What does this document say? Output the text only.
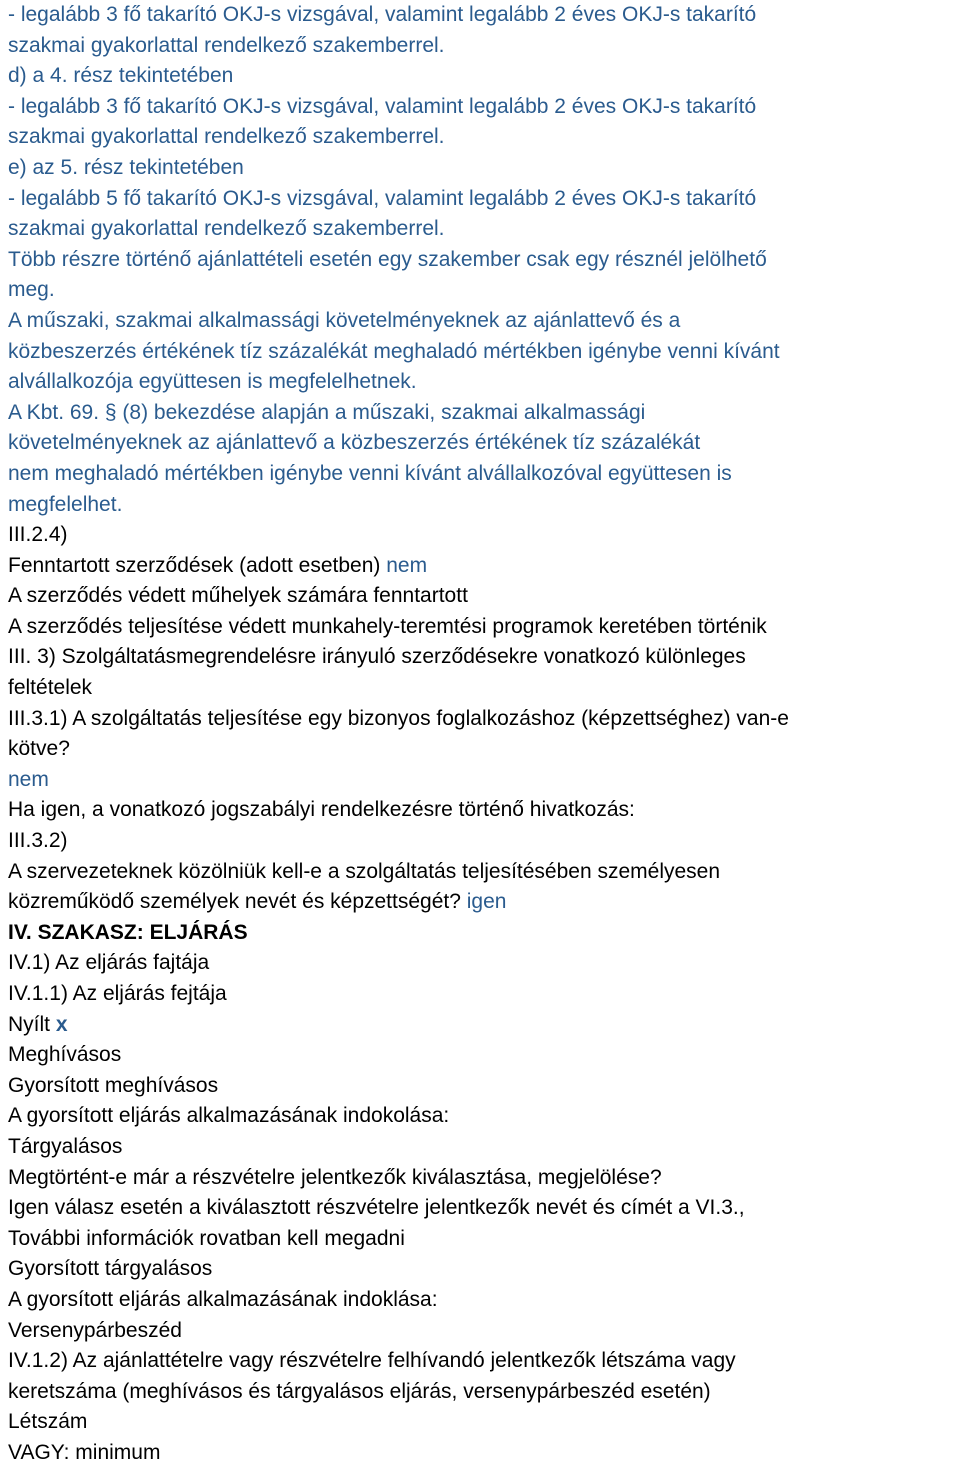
- legalább 3 fő takarító OKJ-s vizsgával, valamint legalább 2 éves OKJ-s takarító
szakmai gyakorlattal rendelkező szakemberrel.
d) a 4. rész tekintetében
- legalább 3 fő takarító OKJ-s vizsgával, valamint legalább 2 éves OKJ-s takarító
szakmai gyakorlattal rendelkező szakemberrel.
e) az 5. rész tekintetében
- legalább 5 fő takarító OKJ-s vizsgával, valamint legalább 2 éves OKJ-s takarító
szakmai gyakorlattal rendelkező szakemberrel.
Több részre történő ajánlattételi esetén egy szakember csak egy résznél jelölhető
meg.
A műszaki, szakmai alkalmassági követelményeknek az ajánlattevő és a
közbeszerzés értékének tíz százalékát meghaladó mértékben igénybe venni kívánt
alvállalkozója együttesen is megfelelhetnek.
A Kbt. 69. § (8) bekezdése alapján a műszaki, szakmai alkalmassági
követelményeknek az ajánlattevő a közbeszerzés értékének tíz százalékát
nem meghaladó mértékben igénybe venni kívánt alvállalkozóval együttesen is
megfelelhet.
III.2.4)
Fenntartott szerződések (adott esetben) nem
A szerződés védett műhelyek számára fenntartott
A szerződés teljesítése védett munkahely-teremtési programok keretében történik
III. 3) Szolgáltatásmegrendelésre irányuló szerződésekre vonatkozó különleges
feltételek
III.3.1) A szolgáltatás teljesítése egy bizonyos foglalkozáshoz (képzettséghez) van-e
kötve?
nem
Ha igen, a vonatkozó jogszabályi rendelkezésre történő hivatkozás:
III.3.2)
A szervezeteknek közölniük kell-e a szolgáltatás teljesítésében személyesen
közreműködő személyek nevét és képzettségét? igen
IV. SZAKASZ: ELJÁRÁS
IV.1) Az eljárás fajtája
IV.1.1) Az eljárás fejtája
Nyílt x
Meghívásos
Gyorsított meghívásos
A gyorsított eljárás alkalmazásának indokolása:
Tárgyalásos
Megtörtént-e már a részvételre jelentkezők kiválasztása, megjelölése?
Igen válasz esetén a kiválasztott részvételre jelentkezők nevét és címét a VI.3.,
További információk rovatban kell megadni
Gyorsított tárgyalásos
A gyorsított eljárás alkalmazásának indoklása:
Versenypárbeszéd
IV.1.2) Az ajánlattételre vagy részvételre felhívandó jelentkezők létszáma vagy
keretszáma (meghívásos és tárgyalásos eljárás, versenypárbeszéd esetén)
Létszám
VAGY: minimum
